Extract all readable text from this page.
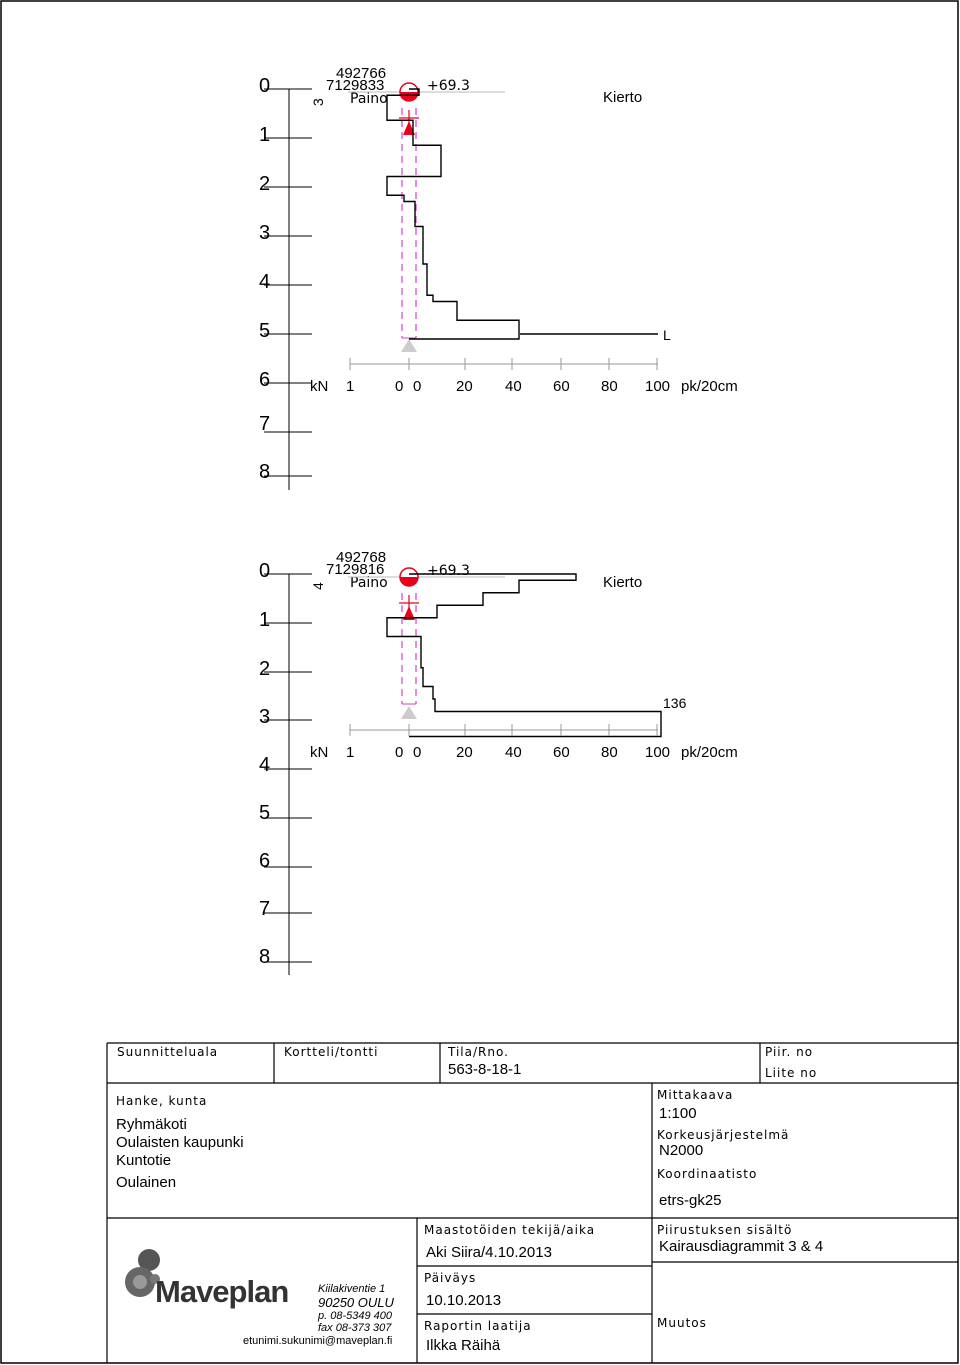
0
1
2
3
4
5
6
7
8
3
492766
7129833
Paino
+69.3
Kierto
L
kN 1	0 0 20 40 60 80 100 pk/20cm
0
1
2
3
4
5
6
7
8
4
492768
7129816
Paino
+69.3
Kierto
136
kN 1	0 0 20 40 60 80 100 pk/20cm
Suunnitteluala	Kortteli/tontti	Tila/Rno.
563-8-18-1
Piir. no
Liite no
Hanke, kunta
Ryhmäkoti
Oulaisten kaupunki
Kuntotie
Oulainen
Mittakaava
1:100
Korkeusjärjestelmä
N2000
Koordinaatisto
etrs-gk25
Maastotöiden tekijä/aika
Aki Siira/4.10.2013
Päiväys
10.10.2013
Raportin laatija
Ilkka Räihä
Piirustuksen sisältö
Kairausdiagrammit 3 & 4
Muutos
Maveplan	Kiilakiventie 1
90250 OULU
p. 08-5349 400
fax 08-373 307
etunimi.sukunimi@maveplan.fi
